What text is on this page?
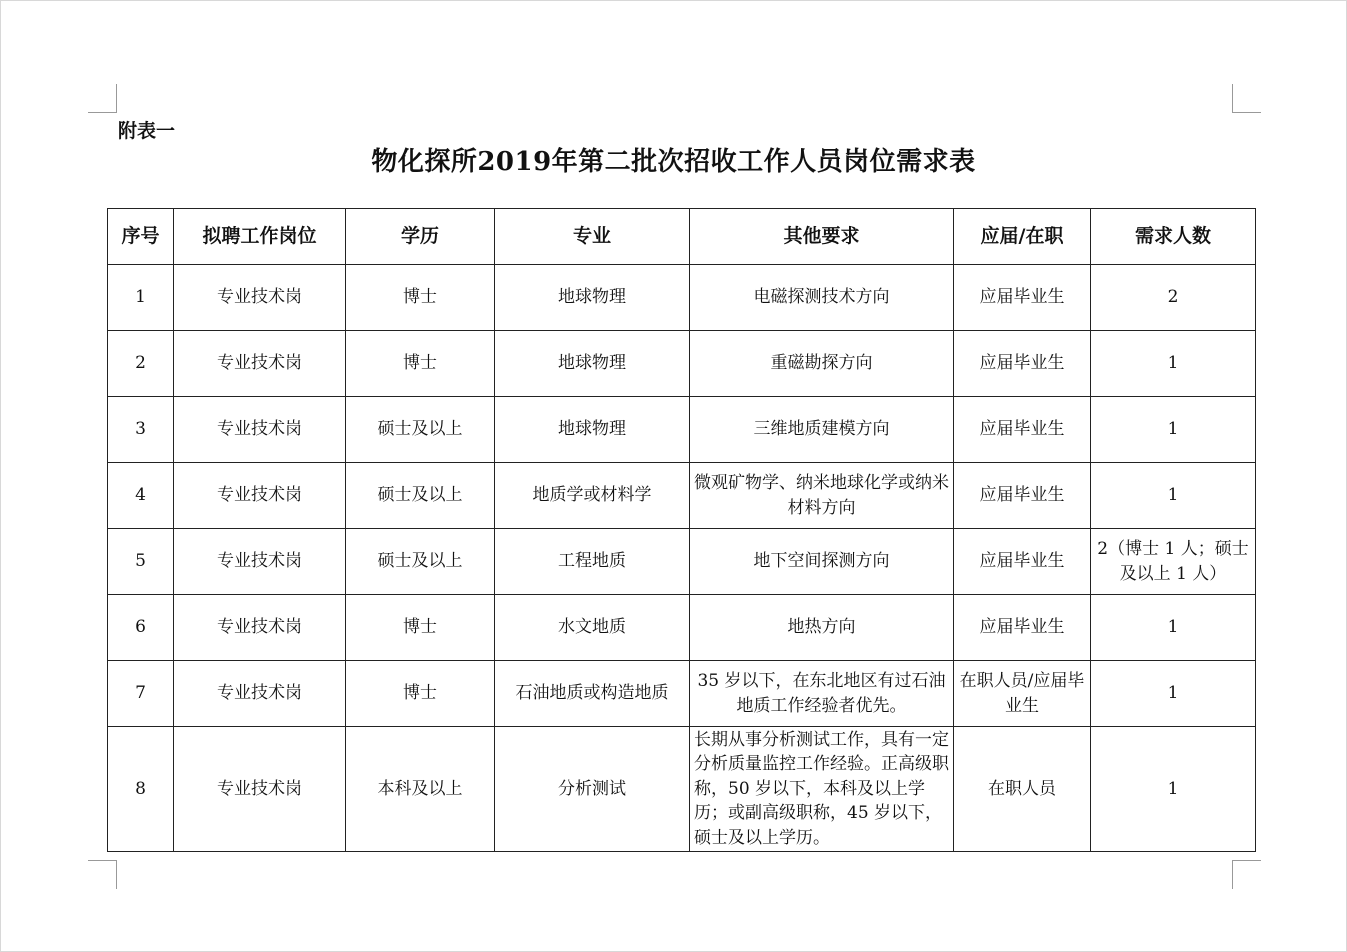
附表一
物化探所2019年第二批次招收工作人员岗位需求表
序号	拟聘工作岗位	学历	专业	其他要求	应届/在职	需求人数
1	专业技术岗	博士	地球物理	电磁探测技术方向	应届毕业生	2
2	专业技术岗	博士	地球物理	重磁勘探方向	应届毕业生	1
3	专业技术岗	硕士及以上	地球物理	三维地质建模方向	应届毕业生	1
4	专业技术岗	硕士及以上	地质学或材料学	微观矿物学、纳米地球化学或纳米材料方向	应届毕业生	1
5	专业技术岗	硕士及以上	工程地质	地下空间探测方向	应届毕业生	2（博士 1 人；硕士及以上 1 人）
6	专业技术岗	博士	水文地质	地热方向	应届毕业生	1
7	专业技术岗	博士	石油地质或构造地质	35 岁以下，在东北地区有过石油地质工作经验者优先。	在职人员/应届毕业生	1
8	专业技术岗	本科及以上	分析测试	长期从事分析测试工作，具有一定分析质量监控工作经验。正高级职称，50 岁以下，本科及以上学历；或副高级职称，45 岁以下，硕士及以上学历。	在职人员	1
